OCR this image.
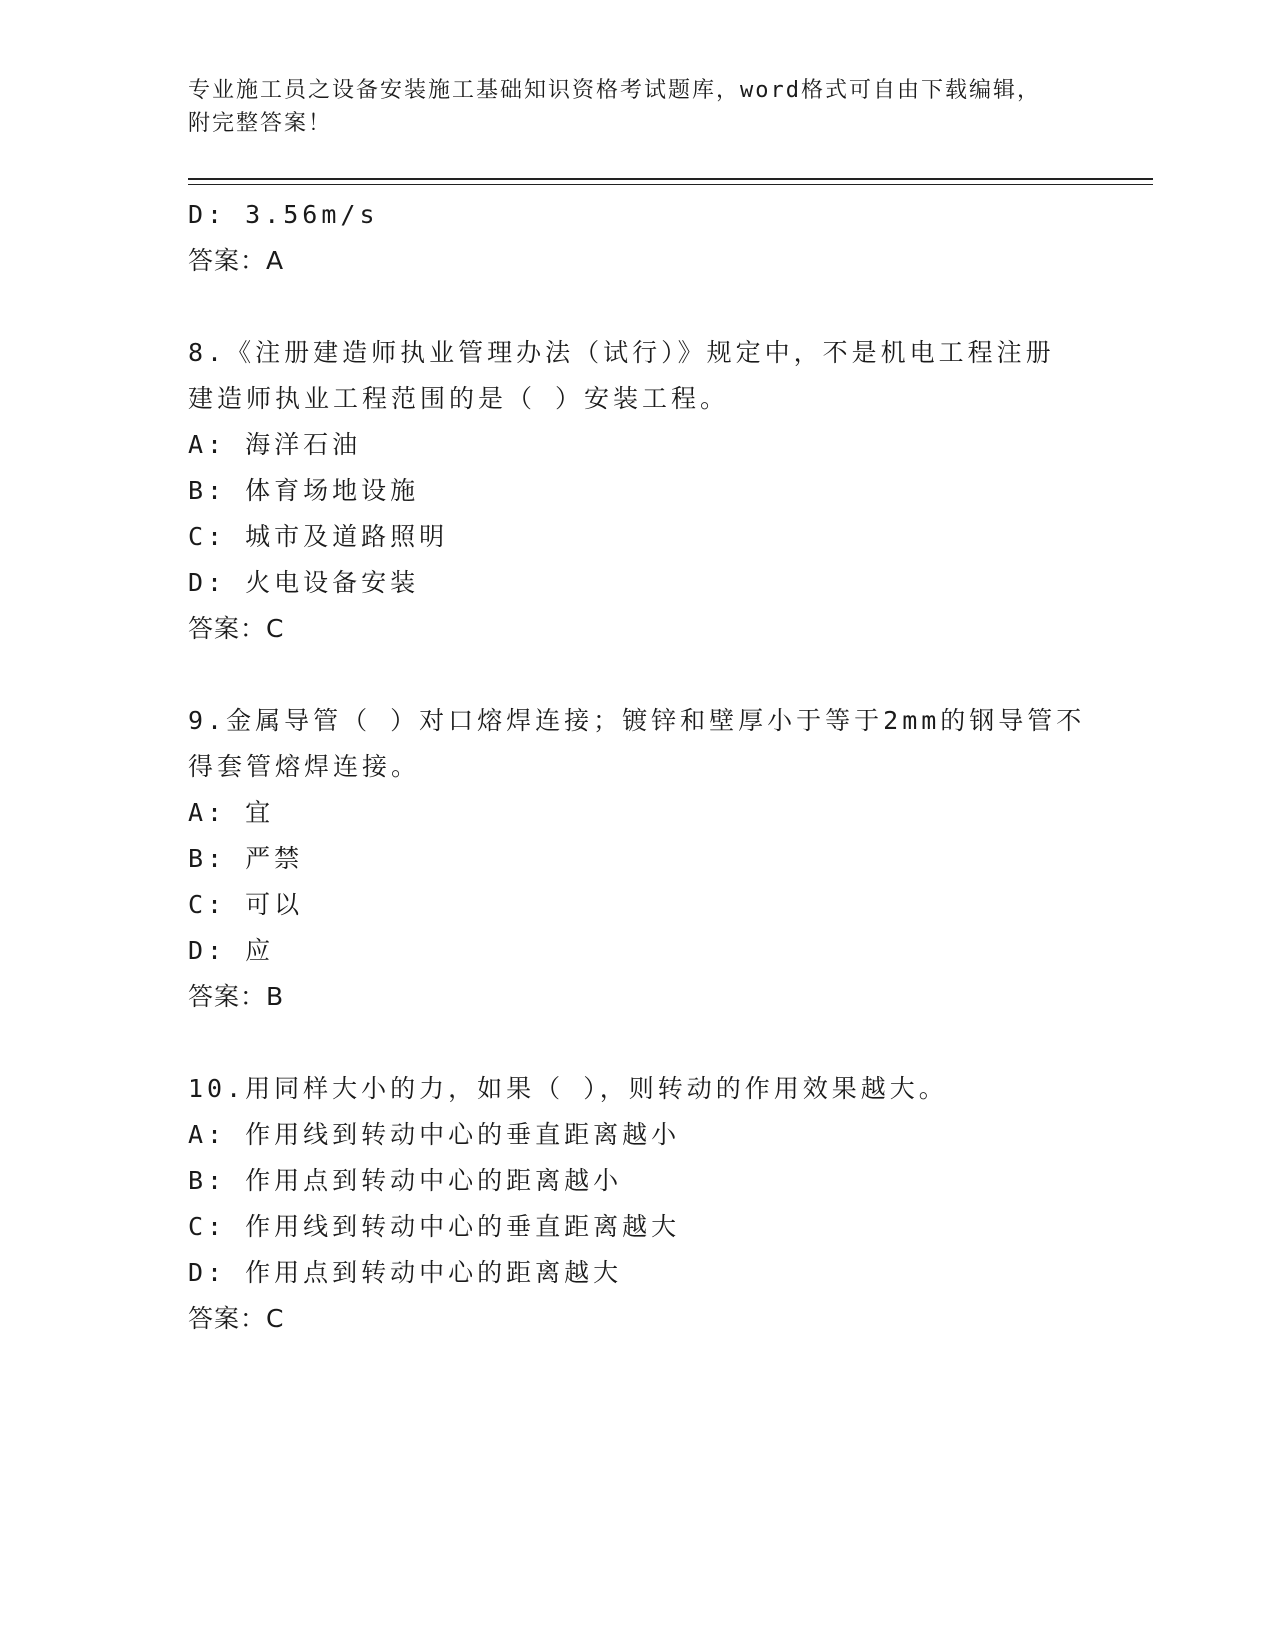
专业施工员之设备安装施工基础知识资格考试题库，word格式可自由下载编辑，
附完整答案！
D: 3.56m/s
答案：A
8.《注册建造师执业管理办法（试行）》规定中，不是机电工程注册
建造师执业工程范围的是（ ）安装工程。
A: 海洋石油
B: 体育场地设施
C: 城市及道路照明
D: 火电设备安装
答案：C
9.金属导管（ ）对口熔焊连接；镀锌和壁厚小于等于2mm的钢导管不
得套管熔焊连接。
A: 宜
B: 严禁
C: 可以
D: 应
答案：B
10.用同样大小的力，如果（ ），则转动的作用效果越大。
A: 作用线到转动中心的垂直距离越小
B: 作用点到转动中心的距离越小
C: 作用线到转动中心的垂直距离越大
D: 作用点到转动中心的距离越大
答案：C
